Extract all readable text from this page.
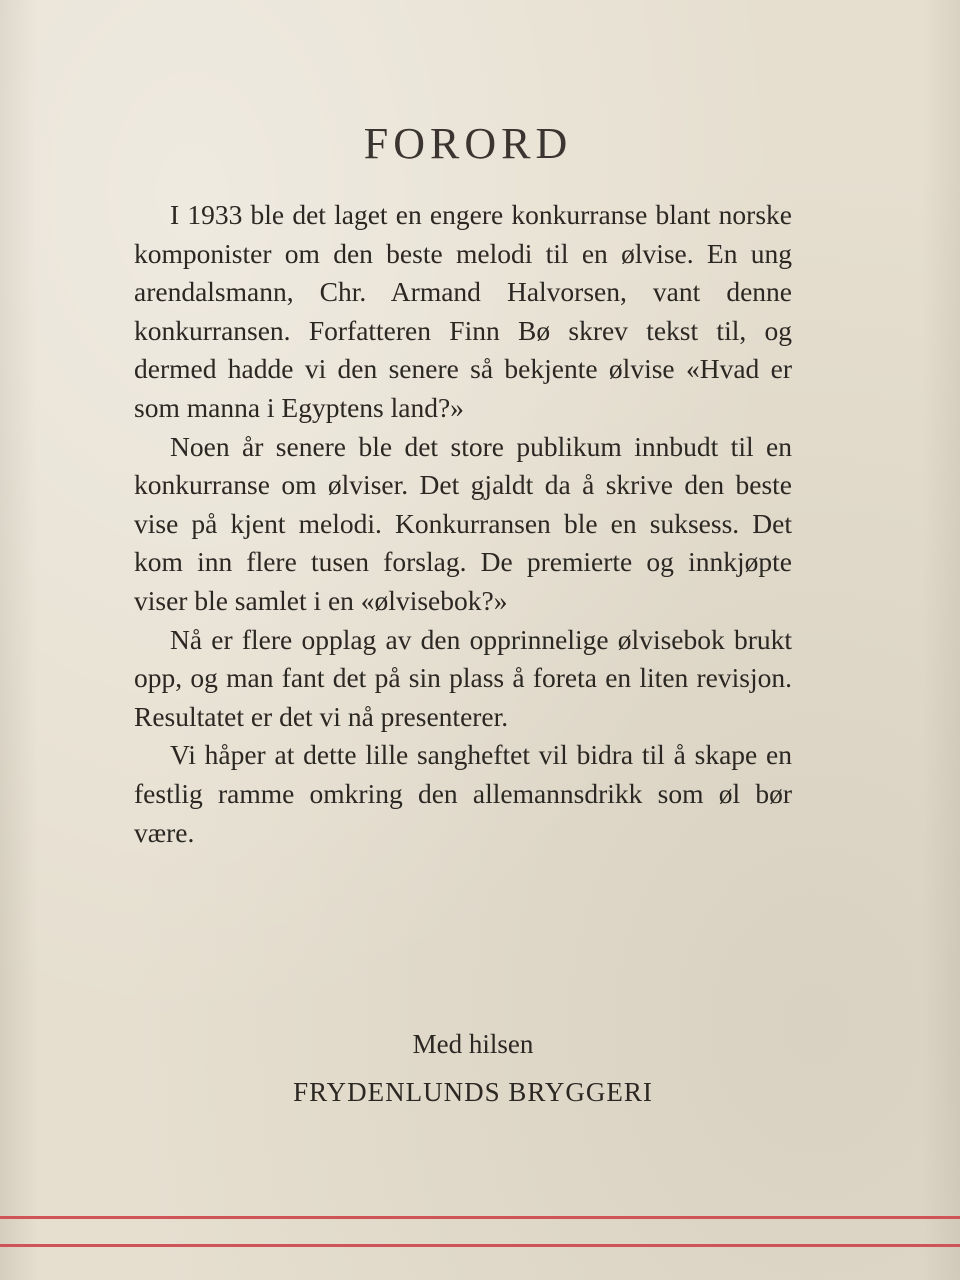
FORORD

I 1933 ble det laget en engere konkurranse blant norske komponister om den beste melodi til en ølvise. En ung arendalsmann, Chr. Armand Halvorsen, vant denne konkurransen. Forfatteren Finn Bø skrev tekst til, og dermed hadde vi den senere så bekjente ølvise «Hvad er som manna i Egyptens land?»

Noen år senere ble det store publikum innbudt til en konkurranse om ølviser. Det gjaldt da å skrive den beste vise på kjent melodi. Konkurransen ble en suksess. Det kom inn flere tusen forslag. De premierte og innkjøpte viser ble samlet i en «ølvisebok?»

Nå er flere opplag av den opprinnelige ølvisebok brukt opp, og man fant det på sin plass å foreta en liten revisjon. Resultatet er det vi nå presenterer.

Vi håper at dette lille sangheftet vil bidra til å skape en festlig ramme omkring den allemannsdrikk som øl bør være.

Med hilsen
FRYDENLUNDS BRYGGERI
